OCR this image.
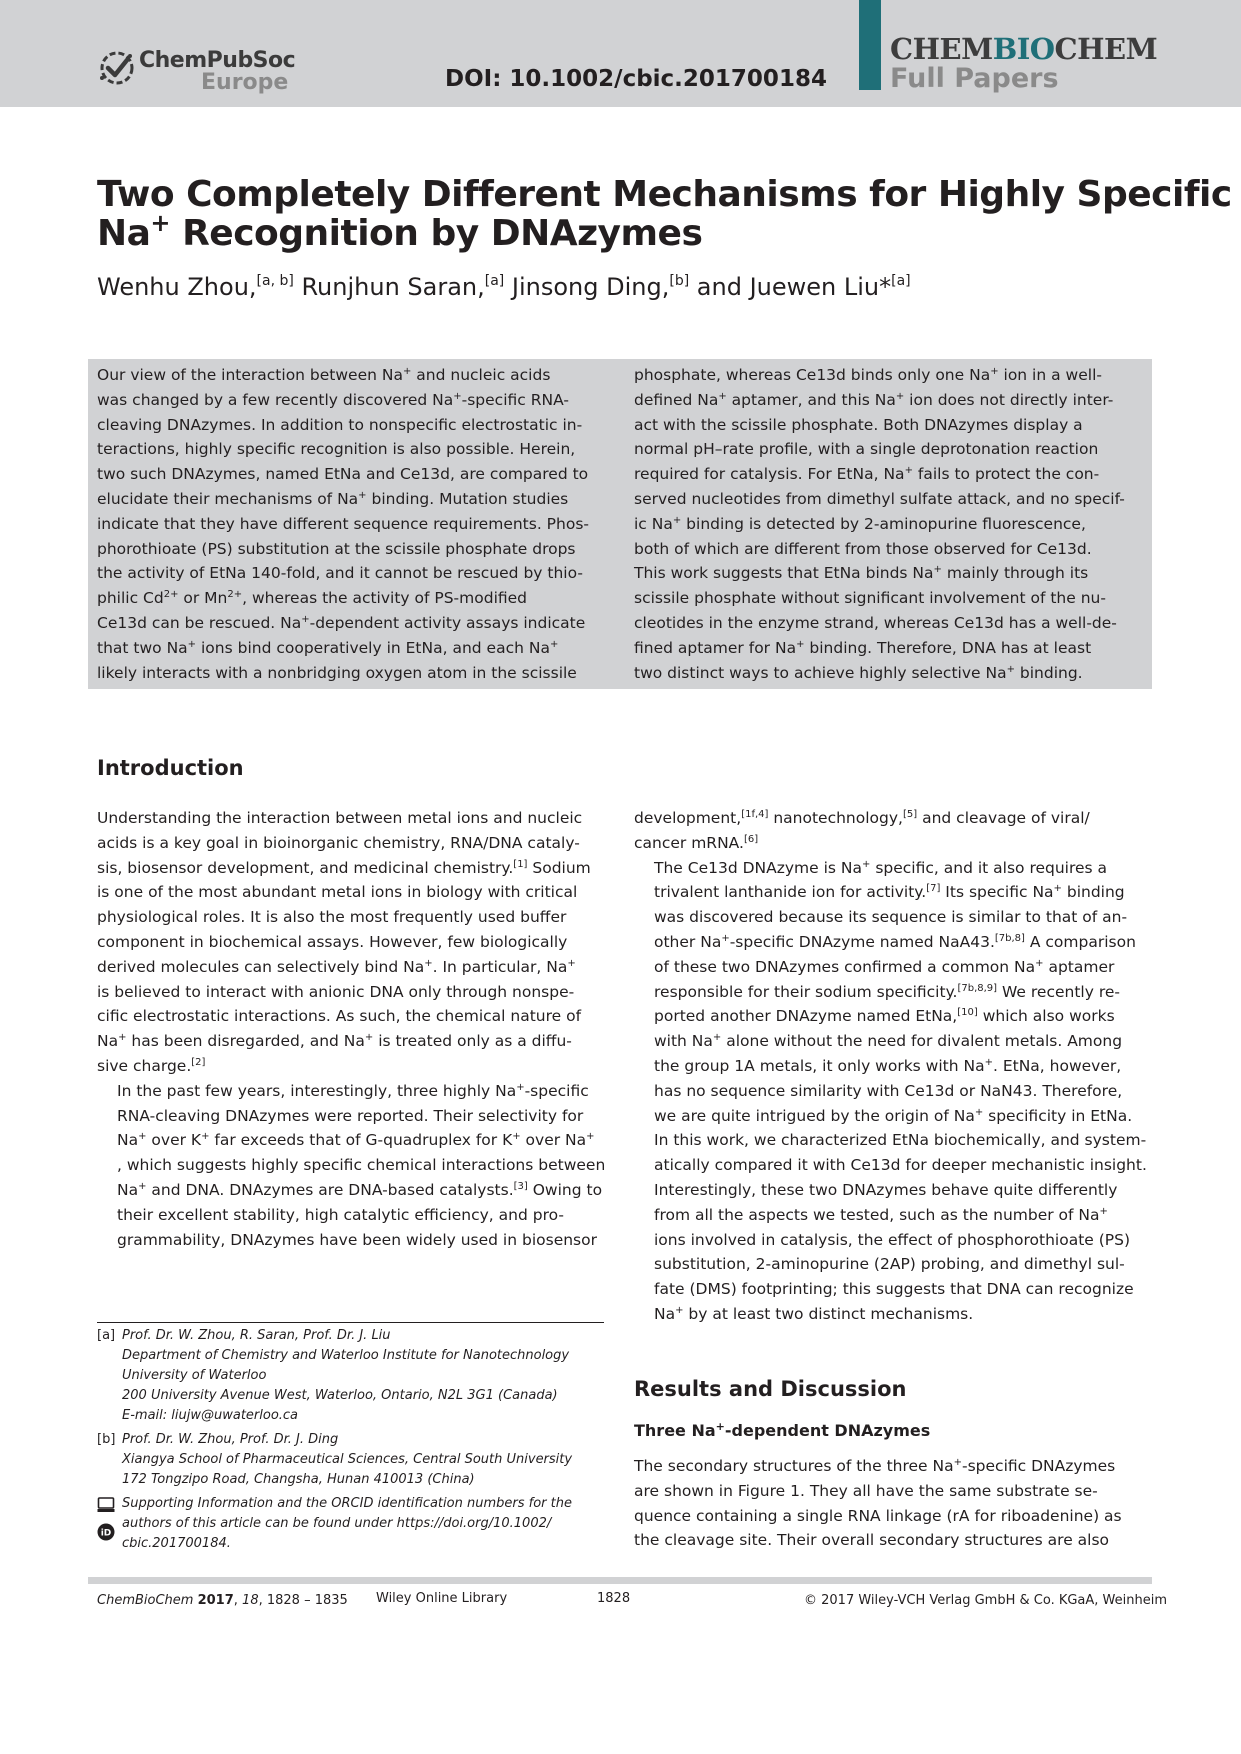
ChemPubSoc
Europe	DOI: 10.1002/cbic.201700184
CHEMBIOCHEM
Full Papers
Two Completely Different Mechanisms for Highly Specific
Na+ Recognition by DNAzymes
Wenhu Zhou,[a, b] Runjhun Saran,[a] Jinsong Ding,[b] and Juewen Liu*[a]

Our view of the interaction between Na+ and nucleic acids
was changed by a few recently discovered Na+-specific RNA-
cleaving DNAzymes. In addition to nonspecific electrostatic in-
teractions, highly specific recognition is also possible. Herein,
two such DNAzymes, named EtNa and Ce13d, are compared to
elucidate their mechanisms of Na+ binding. Mutation studies
indicate that they have different sequence requirements. Phos-
phorothioate (PS) substitution at the scissile phosphate drops
the activity of EtNa 140-fold, and it cannot be rescued by thio-
philic $Cd^{2+}$ or $Mn^{2+}$, whereas the activity of PS-modified
Ce13d can be rescued. Na+-dependent activity assays indicate
that two Na+ ions bind cooperatively in EtNa, and each Na+
likely interacts with a nonbridging oxygen atom in the scissile

phosphate, whereas Ce13d binds only one Na+ ion in a well-
defined Na+ aptamer, and this Na+ ion does not directly inter-
act with the scissile phosphate. Both DNAzymes display a
normal pH–rate profile, with a single deprotonation reaction
required for catalysis. For EtNa, Na+ fails to protect the con-
served nucleotides from dimethyl sulfate attack, and no specif-
ic Na+ binding is detected by 2-aminopurine fluorescence,
both of which are different from those observed for Ce13d.
This work suggests that EtNa binds Na+ mainly through its
scissile phosphate without significant involvement of the nu-
cleotides in the enzyme strand, whereas Ce13d has a well-de-
fined aptamer for Na+ binding. Therefore, DNA has at least
two distinct ways to achieve highly selective Na+ binding.

Introduction

Understanding the interaction between metal ions and nucleic
acids is a key goal in bioinorganic chemistry, RNA/DNA cataly-
sis, biosensor development, and medicinal chemistry.[1] Sodium
is one of the most abundant metal ions in biology with critical
physiological roles. It is also the most frequently used buffer
component in biochemical assays. However, few biologically
derived molecules can selectively bind Na+. In particular, Na+
is believed to interact with anionic DNA only through nonspe-
cific electrostatic interactions. As such, the chemical nature of
Na+ has been disregarded, and Na+ is treated only as a diffu-
sive charge.[2]

In the past few years, interestingly, three highly Na+-specific
RNA-cleaving DNAzymes were reported. Their selectivity for
Na+ over K+ far exceeds that of G-quadruplex for K+ over Na+
, which suggests highly specific chemical interactions between
Na+ and DNA. DNAzymes are DNA-based catalysts.[3] Owing to
their excellent stability, high catalytic efficiency, and pro-
grammability, DNAzymes have been widely used in biosensor

development,[1f,4] nanotechnology,[5] and cleavage of viral/
cancer mRNA.[6]

The Ce13d DNAzyme is Na+ specific, and it also requires a
trivalent lanthanide ion for activity.[7] Its specific Na+ binding
was discovered because its sequence is similar to that of an-
other Na+-specific DNAzyme named NaA43.[7b,8] A comparison
of these two DNAzymes confirmed a common Na+ aptamer
responsible for their sodium specificity.[7b,8,9] We recently re-
ported another DNAzyme named EtNa,[10] which also works
with Na+ alone without the need for divalent metals. Among
the group 1A metals, it only works with Na+. EtNa, however,
has no sequence similarity with Ce13d or NaN43. Therefore,
we are quite intrigued by the origin of Na+ specificity in EtNa.
In this work, we characterized EtNa biochemically, and system-
atically compared it with Ce13d for deeper mechanistic insight.
Interestingly, these two DNAzymes behave quite differently
from all the aspects we tested, such as the number of Na+
ions involved in catalysis, the effect of phosphorothioate (PS)
substitution, 2-aminopurine (2AP) probing, and dimethyl sul-
fate (DMS) footprinting; this suggests that DNA can recognize
Na+ by at least two distinct mechanisms.

Results and Discussion
Three Na+-dependent DNAzymes

The secondary structures of the three Na+-specific DNAzymes
are shown in Figure 1. They all have the same substrate se-
quence containing a single RNA linkage (rA for riboadenine) as
the cleavage site. Their overall secondary structures are also

[a] Prof. Dr. W. Zhou, R. Saran, Prof. Dr. J. Liu
Department of Chemistry and Waterloo Institute for Nanotechnology
University of Waterloo
200 University Avenue West, Waterloo, Ontario, N2L 3G1 (Canada)
E-mail: liujw@uwaterloo.ca
[b] Prof. Dr. W. Zhou, Prof. Dr. J. Ding
Xiangya School of Pharmaceutical Sciences, Central South University
172 Tongzipo Road, Changsha, Hunan 410013 (China)

iD
Supporting Information and the ORCID identification numbers for the
authors of this article can be found under https://doi.org/10.1002/
cbic.201700184.
ChemBioChem 2017, 18, 1828 – 1835 Wiley Online Library	1828	© 2017 Wiley-VCH Verlag GmbH & Co. KGaA, Weinheim
